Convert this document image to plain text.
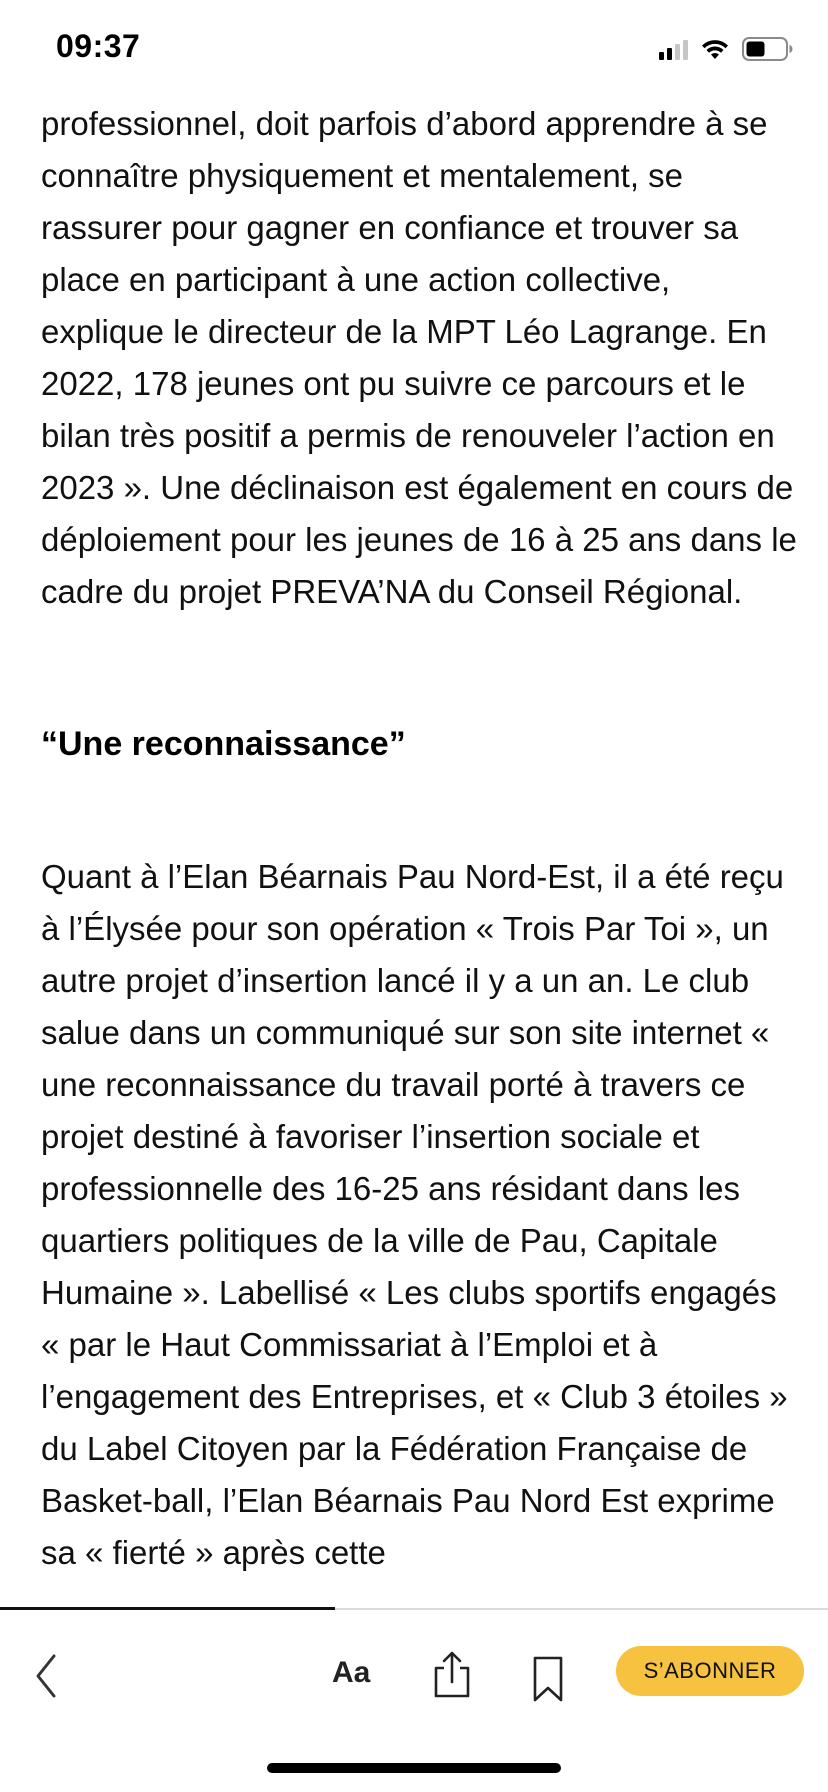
09:37

professionnel, doit parfois d’abord apprendre à se connaître physiquement et mentalement, se rassurer pour gagner en confiance et trouver sa place en participant à une action collective, explique le directeur de la MPT Léo Lagrange. En 2022, 178 jeunes ont pu suivre ce parcours et le bilan très positif a permis de renouveler l’action en 2023 ». Une déclinaison est également en cours de déploiement pour les jeunes de 16 à 25 ans dans le cadre du projet PREVA’NA du Conseil Régional.

“Une reconnaissance”

Quant à l’Elan Béarnais Pau Nord-Est, il a été reçu à l’Élysée pour son opération « Trois Par Toi », un autre projet d’insertion lancé il y a un an. Le club salue dans un communiqué sur son site internet « une reconnaissance du travail porté à travers ce projet destiné à favoriser l’insertion sociale et professionnelle des 16-25 ans résidant dans les quartiers politiques de la ville de Pau, Capitale Humaine ». Labellisé « Les clubs sportifs engagés « par le Haut Commissariat à l’Emploi et à l’engagement des Entreprises, et « Club 3 étoiles » du Label Citoyen par la Fédération Française de Basket-ball, l’Elan Béarnais Pau Nord Est exprime sa « fierté » après cette

Aa	S’ABONNER
